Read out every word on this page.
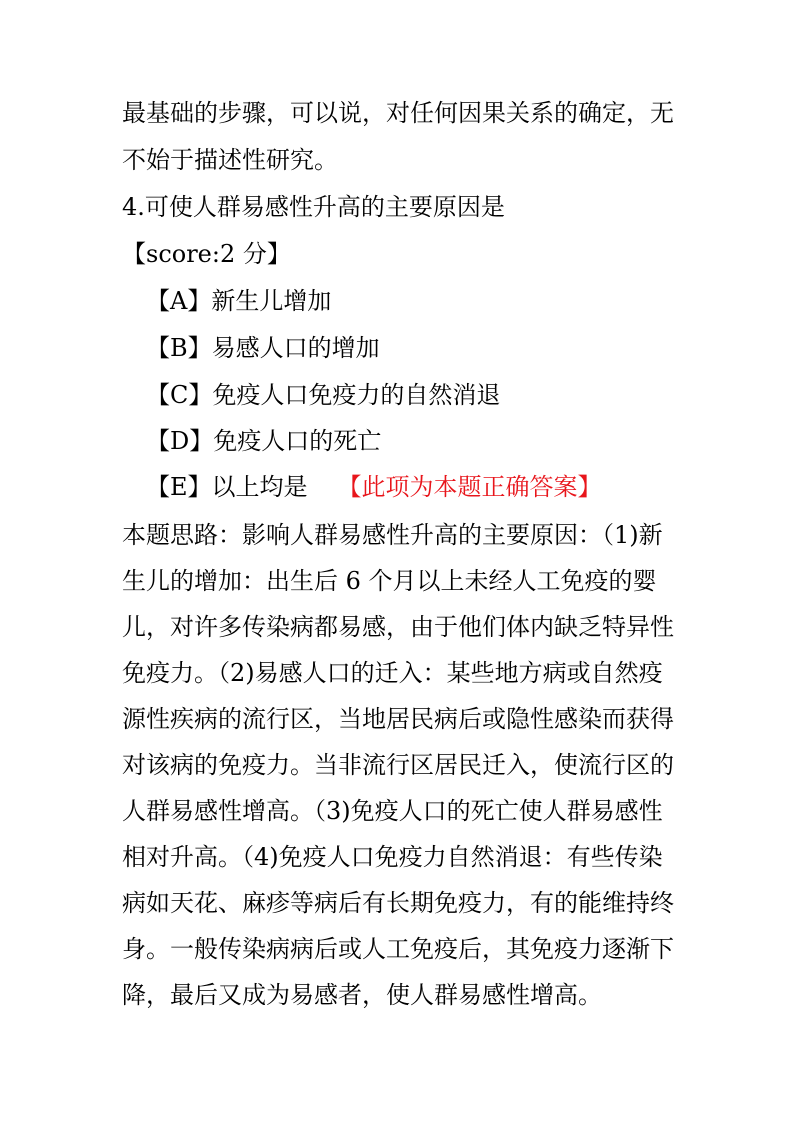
最基础的步骤，可以说，对任何因果关系的确定，无
不始于描述性研究。
4.可使人群易感性升高的主要原因是
【score:2 分】
【A】新生儿增加
【B】易感人口的增加
【C】免疫人口免疫力的自然消退
【D】免疫人口的死亡
【E】以上均是 【此项为本题正确答案】
本题思路：影响人群易感性升高的主要原因：（1)新
生儿的增加：出生后 6 个月以上未经人工免疫的婴
儿，对许多传染病都易感，由于他们体内缺乏特异性
免疫力。（2)易感人口的迁入：某些地方病或自然疫
源性疾病的流行区，当地居民病后或隐性感染而获得
对该病的免疫力。当非流行区居民迁入，使流行区的
人群易感性增高。（3)免疫人口的死亡使人群易感性
相对升高。（4)免疫人口免疫力自然消退：有些传染
病如天花、麻疹等病后有长期免疫力，有的能维持终
身。一般传染病病后或人工免疫后，其免疫力逐渐下
降，最后又成为易感者，使人群易感性增高。
